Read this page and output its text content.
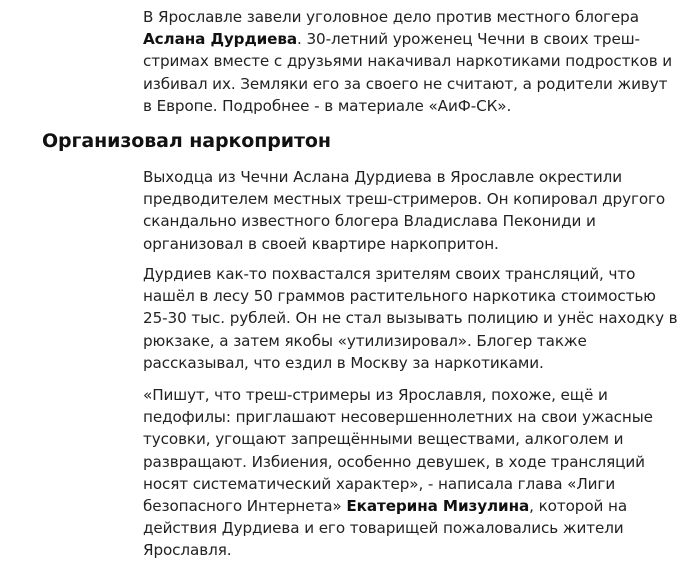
В Ярославле завели уголовное дело против местного блогера Аслана Дурдиева. 30-летний уроженец Чечни в своих треш-стримах вместе с друзьями накачивал наркотиками подростков и избивал их. Земляки его за своего не считают, а родители живут в Европе. Подробнее - в материале «АиФ-СК».

Организовал наркопритон

Выходца из Чечни Аслана Дурдиева в Ярославле окрестили предводителем местных треш-стримеров. Он копировал другого скандально известного блогера Владислава Пекониди и организовал в своей квартире наркопритон.

Дурдиев как-то похвастался зрителям своих трансляций, что нашёл в лесу 50 граммов растительного наркотика стоимостью 25-30 тыс. рублей. Он не стал вызывать полицию и унёс находку в рюкзаке, а затем якобы «утилизировал». Блогер также рассказывал, что ездил в Москву за наркотиками.

«Пишут, что треш-стримеры из Ярославля, похоже, ещё и педофилы: приглашают несовершеннолетних на свои ужасные тусовки, угощают запрещёнными веществами, алкоголем и развращают. Избиения, особенно девушек, в ходе трансляций носят систематический характер», - написала глава «Лиги безопасного Интернета» Екатерина Мизулина, которой на действия Дурдиева и его товарищей пожаловались жители Ярославля.
